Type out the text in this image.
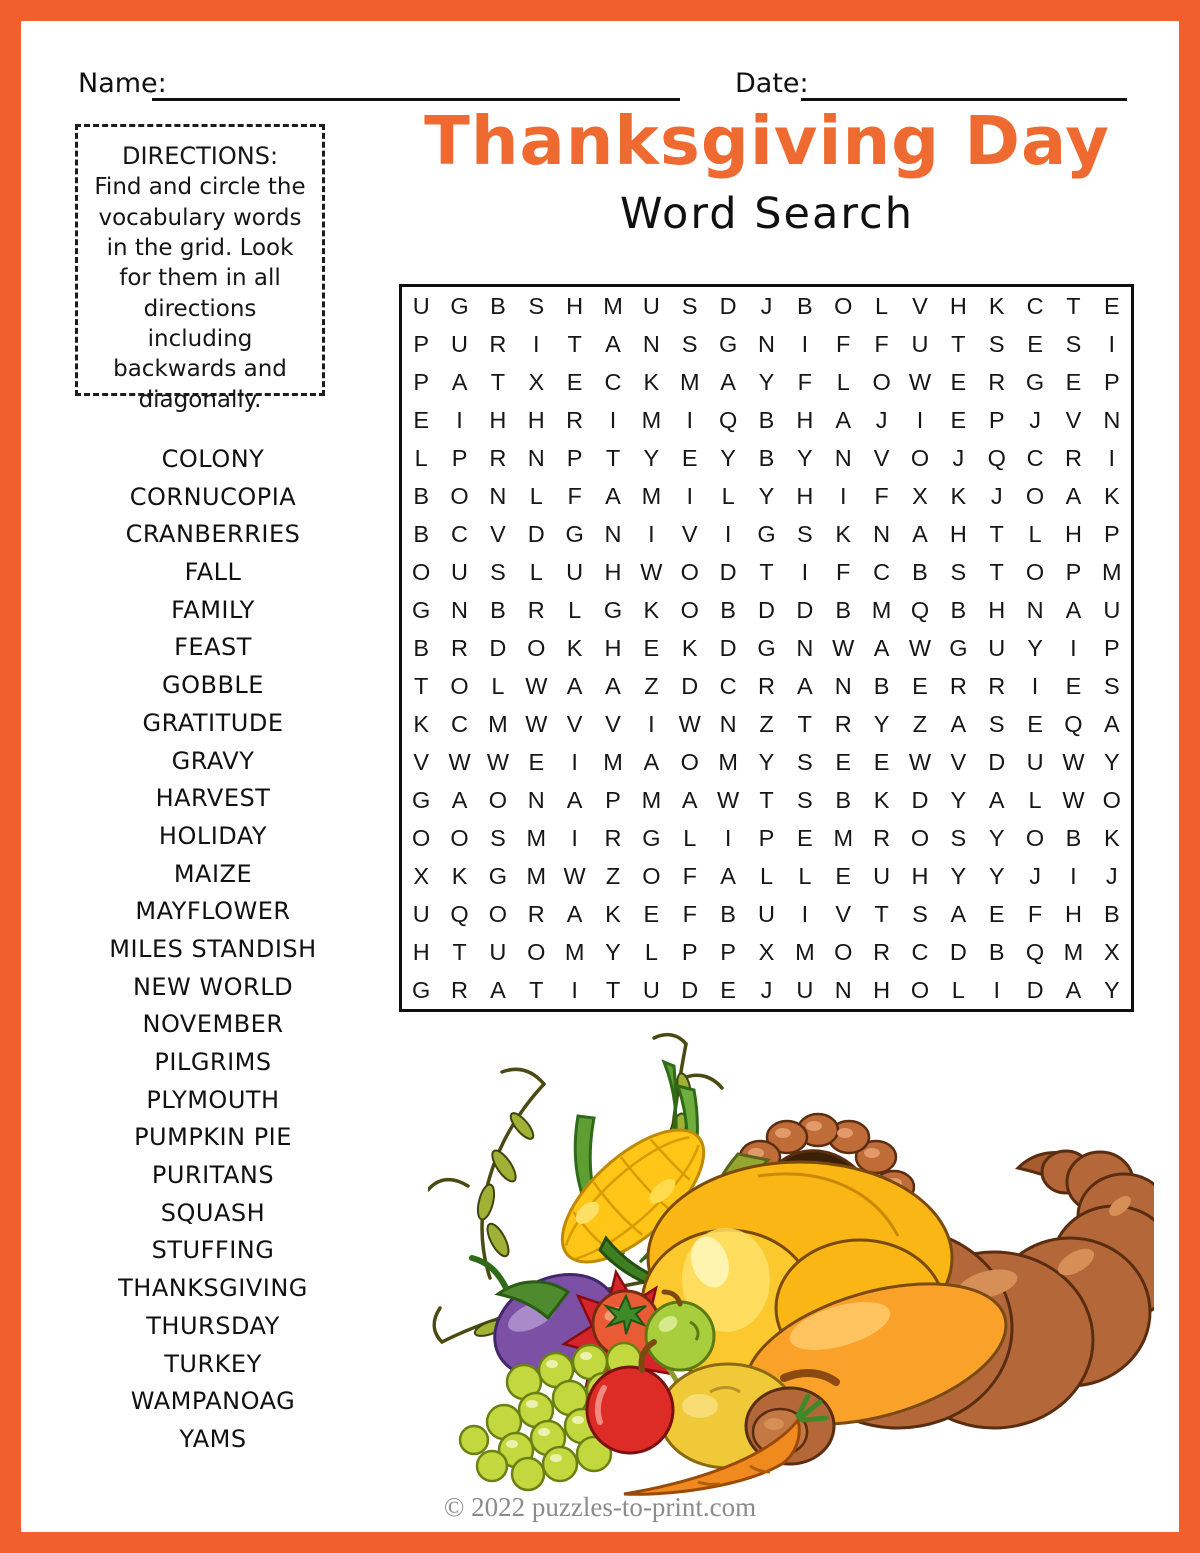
Name:	Date:
Thanksgiving Day
Word Search
DIRECTIONS:
Find and circle the vocabulary words in the grid. Look for them in all directions including backwards and diagonally.
COLONY
CORNUCOPIA
CRANBERRIES
FALL
FAMILY
FEAST
GOBBLE
GRATITUDE
GRAVY
HARVEST
HOLIDAY
MAIZE
MAYFLOWER
MILES STANDISH
NEW WORLD
NOVEMBER
PILGRIMS
PLYMOUTH
PUMPKIN PIE
PURITANS
SQUASH
STUFFING
THANKSGIVING
THURSDAY
TURKEY
WAMPANOAG
YAMS
U G B S H M U S D	J	B O L	V H K C T E
P U R	I	T A N S G N	I	F	F U T S E S	I
P A T X E C K M A Y F	L O W E R G E P
E	I	H H R	I	M	I	Q B H A	J	I	E P	J	V N
L	P R N P T Y E Y B Y N V O J Q C R	I
B O N L	F A M	I	L	Y H	I	F X K	J O A K
B C V D G N	I	V	I	G S K N A H T	L H P
O U S	L U H W O D T	I	F C B S T O P M
G N B R L G K O B D D B M Q B H N A U
B R D O K H E K D G N W A W G U Y	I	P
T O L W A A Z D C R A N B E R R	I	E S
K C M W V V	I	W N Z	T R Y Z A S E Q A
V W W E	I	M A O M Y S E E W V D U W Y
G A O N A P M A W T S B K D Y A	L W O
O O S M	I	R G L	I	P E M R O S Y O B K
X K G M W Z O F A	L	L	E U H Y Y	J	I	J
U Q O R A K E F B U	I	V T S A E F H B
H T U O M Y	L	P P X M O R C D B Q M X
G R A T	I	T U D E	J	U N H O L	I	D A Y
© 2022 puzzles-to-print.com
